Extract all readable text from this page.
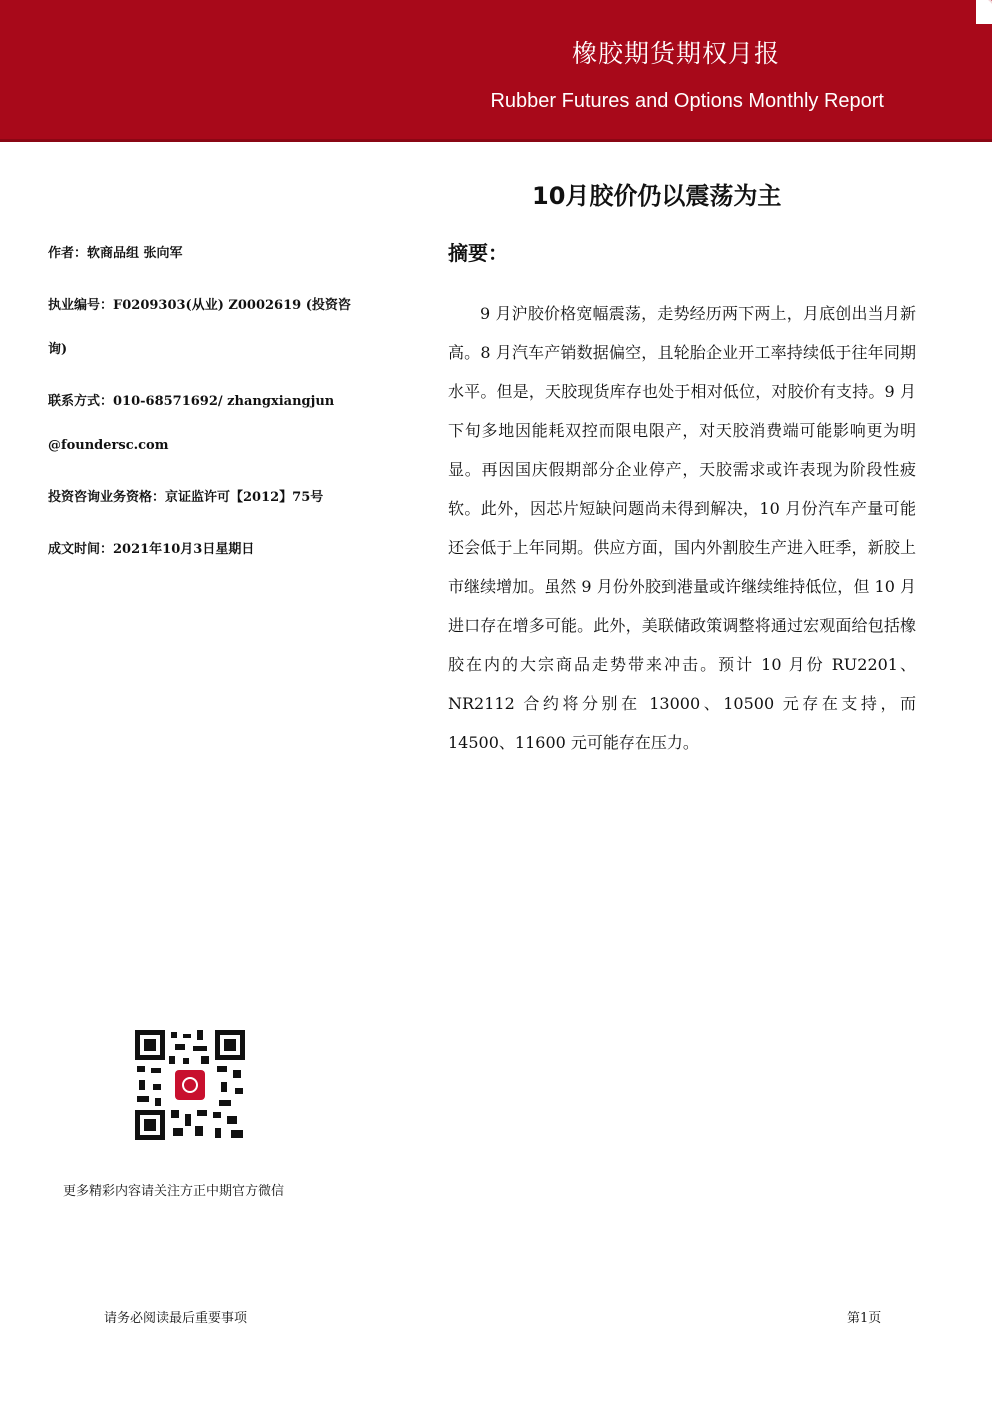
橡胶期货期权月报
Rubber Futures and Options Monthly Report
10月胶价仍以震荡为主
作者：软商品组 张向军
执业编号：F0209303(从业) Z0002619 (投资咨
询)
联系方式：010-68571692/ zhangxiangjun
@foundersc.com
投资咨询业务资格：京证监许可【2012】75号
成文时间：2021年10月3日星期日
摘要：
9 月沪胶价格宽幅震荡，走势经历两下两上，月底创出当月新高。8 月汽车产销数据偏空，且轮胎企业开工率持续低于往年同期水平。但是，天胶现货库存也处于相对低位，对胶价有支持。9 月下旬多地因能耗双控而限电限产，对天胶消费端可能影响更为明显。再因国庆假期部分企业停产，天胶需求或许表现为阶段性疲软。此外，因芯片短缺问题尚未得到解决，10 月份汽车产量可能还会低于上年同期。供应方面，国内外割胶生产进入旺季，新胶上市继续增加。虽然 9 月份外胶到港量或许继续维持低位，但 10 月进口存在增多可能。此外，美联储政策调整将通过宏观面给包括橡胶在内的大宗商品走势带来冲击。预计 10 月份 RU2201、NR2112 合约将分别在 13000、10500 元存在支持，而 14500、11600 元可能存在压力。
更多精彩内容请关注方正中期官方微信
请务必阅读最后重要事项	第1页
